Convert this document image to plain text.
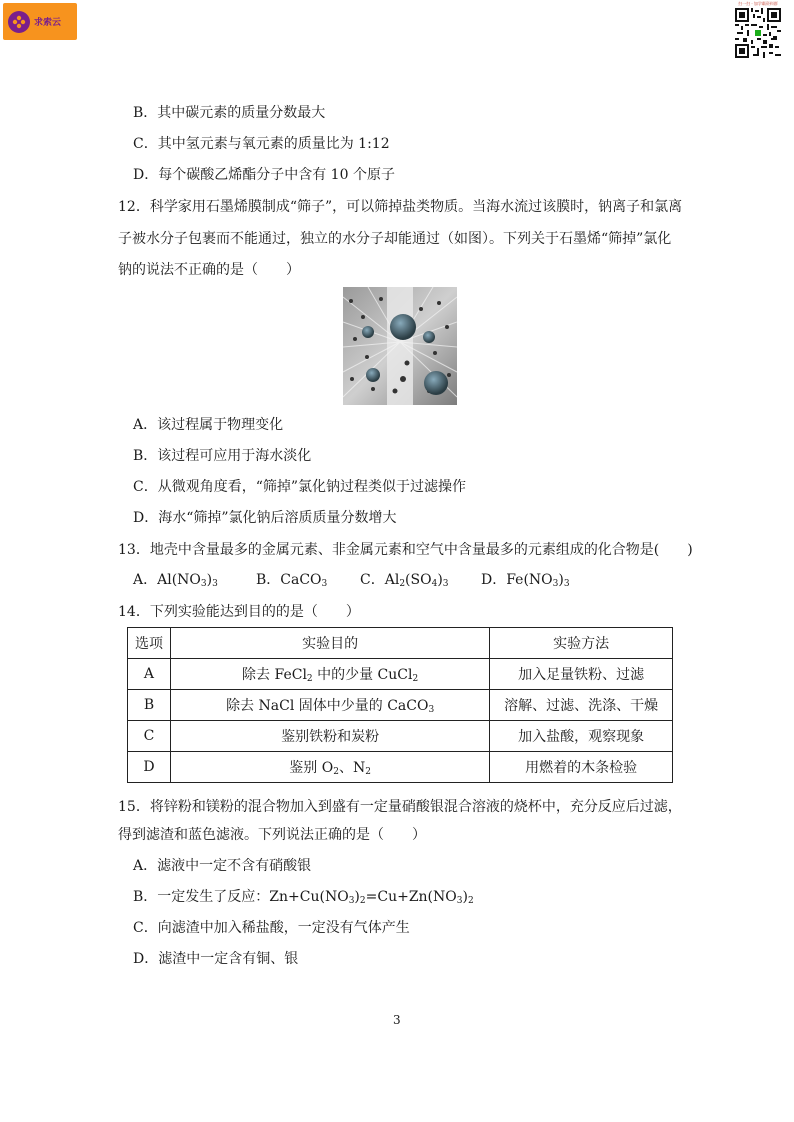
求索云
扫一扫 · 加学霸资料群
B．其中碳元素的质量分数最大
C．其中氢元素与氧元素的质量比为 1:12
D．每个碳酸乙烯酯分子中含有 10 个原子
12．科学家用石墨烯膜制成“筛子”，可以筛掉盐类物质。当海水流过该膜时，钠离子和氯离
子被水分子包裹而不能通过，独立的水分子却能通过（如图）。下列关于石墨烯“筛掉”氯化
钠的说法不正确的是（　　）
A．该过程属于物理变化
B．该过程可应用于海水淡化
C．从微观角度看，“筛掉”氯化钠过程类似于过滤操作
D．海水“筛掉”氯化钠后溶质质量分数增大
13．地壳中含量最多的金属元素、非金属元素和空气中含量最多的元素组成的化合物是(　　)
A．$Al(NO_3)_3$	B．CaCO$_3$ C．$Al_2(SO_4)_3$ D．$Fe(NO_3)_3$
14．下列实验能达到目的的是（　　）
选项	实验目的	实验方法
A	除去 FeCl$_2$ 中的少量 CuCl$_2$	加入足量铁粉、过滤
B	除去 NaCl 固体中少量的 CaCO$_3$	溶解、过滤、洗涤、干燥
C	鉴别铁粉和炭粉	加入盐酸，观察现象
D	鉴别 $O_2$、$N_2$	用燃着的木条检验
15．将锌粉和镁粉的混合物加入到盛有一定量硝酸银混合溶液的烧杯中，充分反应后过滤，
得到滤渣和蓝色滤液。下列说法正确的是（　　）
A．滤液中一定不含有硝酸银
B．一定发生了反应：$Zn+Cu(NO_3)_2=Cu+Zn(NO_3)_2$
C．向滤渣中加入稀盐酸，一定没有气体产生
D．滤渣中一定含有铜、银
3
